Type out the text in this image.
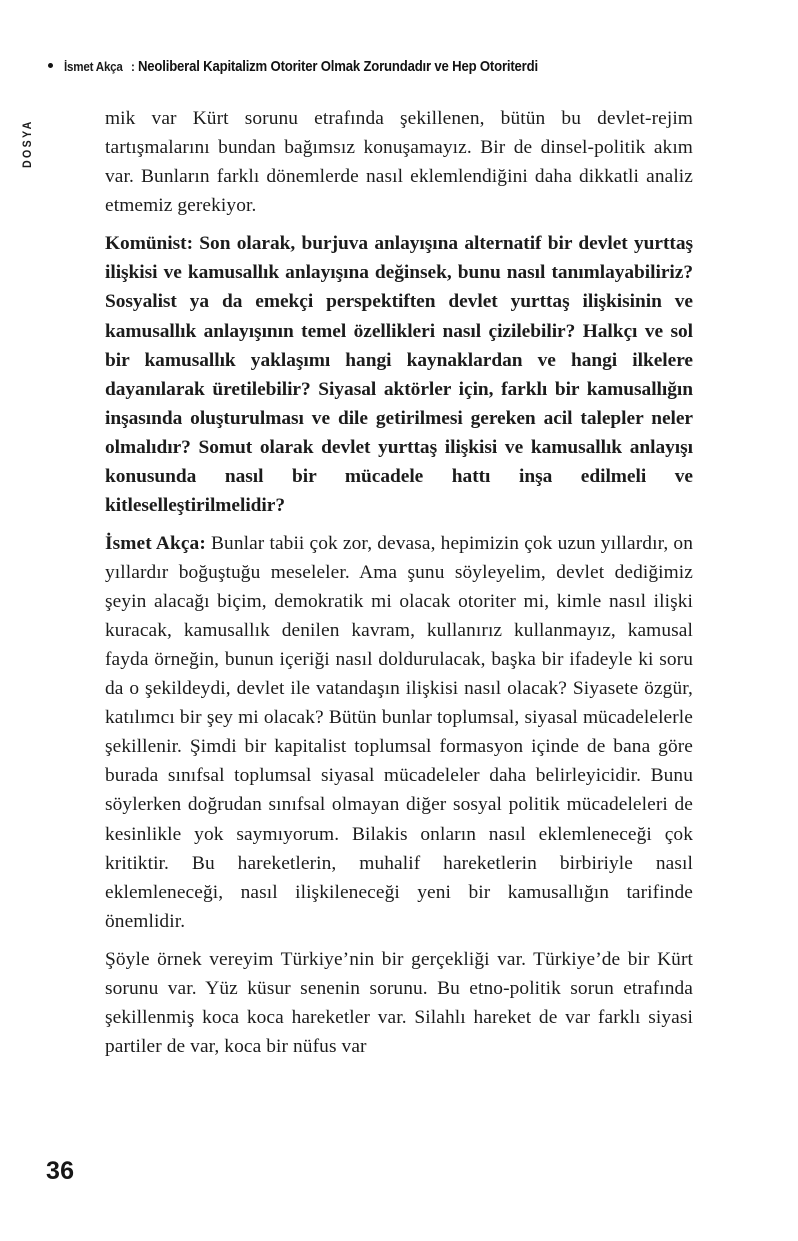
İsmet Akça : Neoliberal Kapitalizm Otoriter Olmak Zorundadır ve Hep Otoriterdi
DOSYA

mik var Kürt sorunu etrafında şekillenen, bütün bu devlet-rejim tartışmalarını bundan bağımsız konuşamayız. Bir de dinsel-politik akım var. Bunların farklı dönemlerde nasıl eklemlendiğini daha dikkatli analiz etmemiz gerekiyor.

Komünist: Son olarak, burjuva anlayışına alternatif bir devlet yurttaş ilişkisi ve kamusallık anlayışına değinsek, bunu nasıl tanımlayabiliriz? Sosyalist ya da emekçi perspektiften devlet yurttaş ilişkisinin ve kamusallık anlayışının temel özellikleri nasıl çizilebilir? Halkçı ve sol bir kamusallık yaklaşımı hangi kaynaklardan ve hangi ilkelere dayanılarak üretilebilir? Siyasal aktörler için, farklı bir kamusallığın inşasında oluşturulması ve dile getirilmesi gereken acil talepler neler olmalıdır? Somut olarak devlet yurttaş ilişkisi ve kamusallık anlayışı konusunda nasıl bir mücadele hattı inşa edilmeli ve kitleselleştirilmelidir?

İsmet Akça: Bunlar tabii çok zor, devasa, hepimizin çok uzun yıllardır, on yıllardır boğuştuğu meseleler. Ama şunu söyleyelim, devlet dediğimiz şeyin alacağı biçim, demokratik mi olacak otoriter mi, kimle nasıl ilişki kuracak, kamusallık denilen kavram, kullanırız kullanmayız, kamusal fayda örneğin, bunun içeriği nasıl doldurulacak, başka bir ifadeyle ki soru da o şekildeydi, devlet ile vatandaşın ilişkisi nasıl olacak? Siyasete özgür, katılımcı bir şey mi olacak? Bütün bunlar toplumsal, siyasal mücadelelerle şekillenir. Şimdi bir kapitalist toplumsal formasyon içinde de bana göre burada sınıfsal toplumsal siyasal mücadeleler daha belirleyicidir. Bunu söylerken doğrudan sınıfsal olmayan diğer sosyal politik mücadeleleri de kesinlikle yok saymıyorum. Bilakis onların nasıl eklemleneceği çok kritiktir. Bu hareketlerin, muhalif hareketlerin birbiriyle nasıl eklemleneceği, nasıl ilişkileneceği yeni bir kamusallığın tarifinde önemlidir.

Şöyle örnek vereyim Türkiye’nin bir gerçekliği var. Türkiye’de bir Kürt sorunu var. Yüz küsur senenin sorunu. Bu etno-politik sorun etrafında şekillenmiş koca koca hareketler var. Silahlı hareket de var farklı siyasi partiler de var, koca bir nüfus var

36
